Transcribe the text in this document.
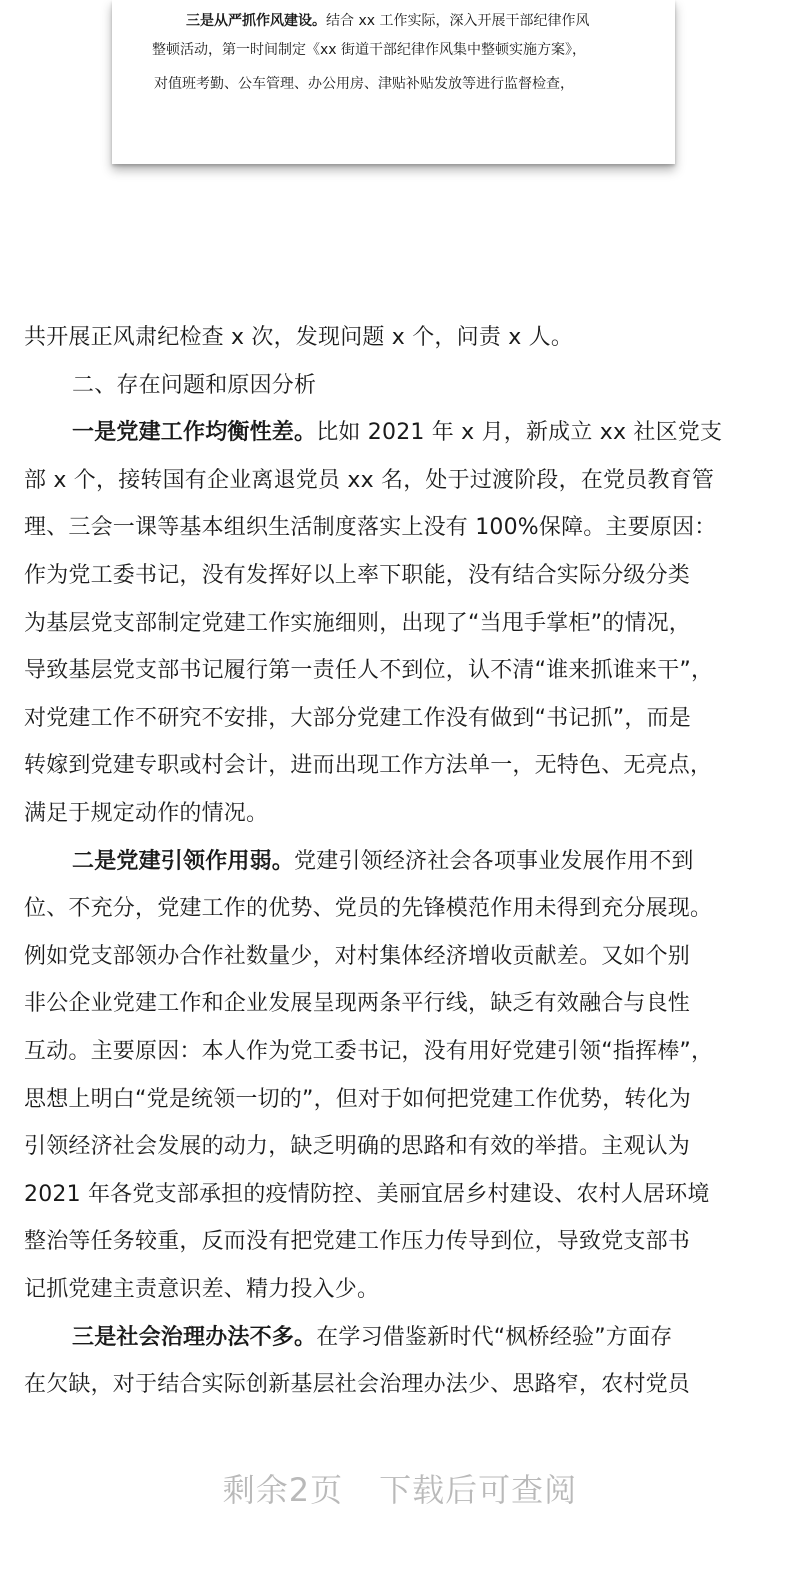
三是从严抓作风建设。结合 xx 工作实际，深入开展干部纪律作风
整顿活动，第一时间制定《xx 街道干部纪律作风集中整顿实施方案》，
对值班考勤、公车管理、办公用房、津贴补贴发放等进行监督检查，
共开展正风肃纪检查 x 次，发现问题 x 个，问责 x 人。
二、存在问题和原因分析
一是党建工作均衡性差。比如 2021 年 x 月，新成立 xx 社区党支
部 x 个，接转国有企业离退党员 xx 名，处于过渡阶段，在党员教育管
理、三会一课等基本组织生活制度落实上没有 100%保障。主要原因：
作为党工委书记，没有发挥好以上率下职能，没有结合实际分级分类
为基层党支部制定党建工作实施细则，出现了“当甩手掌柜”的情况，
导致基层党支部书记履行第一责任人不到位，认不清“谁来抓谁来干”，
对党建工作不研究不安排，大部分党建工作没有做到“书记抓”，而是
转嫁到党建专职或村会计，进而出现工作方法单一，无特色、无亮点，
满足于规定动作的情况。
二是党建引领作用弱。党建引领经济社会各项事业发展作用不到
位、不充分，党建工作的优势、党员的先锋模范作用未得到充分展现。
例如党支部领办合作社数量少，对村集体经济增收贡献差。又如个别
非公企业党建工作和企业发展呈现两条平行线，缺乏有效融合与良性
互动。主要原因：本人作为党工委书记，没有用好党建引领“指挥棒”，
思想上明白“党是统领一切的”，但对于如何把党建工作优势，转化为
引领经济社会发展的动力，缺乏明确的思路和有效的举措。主观认为
2021 年各党支部承担的疫情防控、美丽宜居乡村建设、农村人居环境
整治等任务较重，反而没有把党建工作压力传导到位，导致党支部书
记抓党建主责意识差、精力投入少。
三是社会治理办法不多。在学习借鉴新时代“枫桥经验”方面存
在欠缺，对于结合实际创新基层社会治理办法少、思路窄，农村党员
剩余2页 下载后可查阅
